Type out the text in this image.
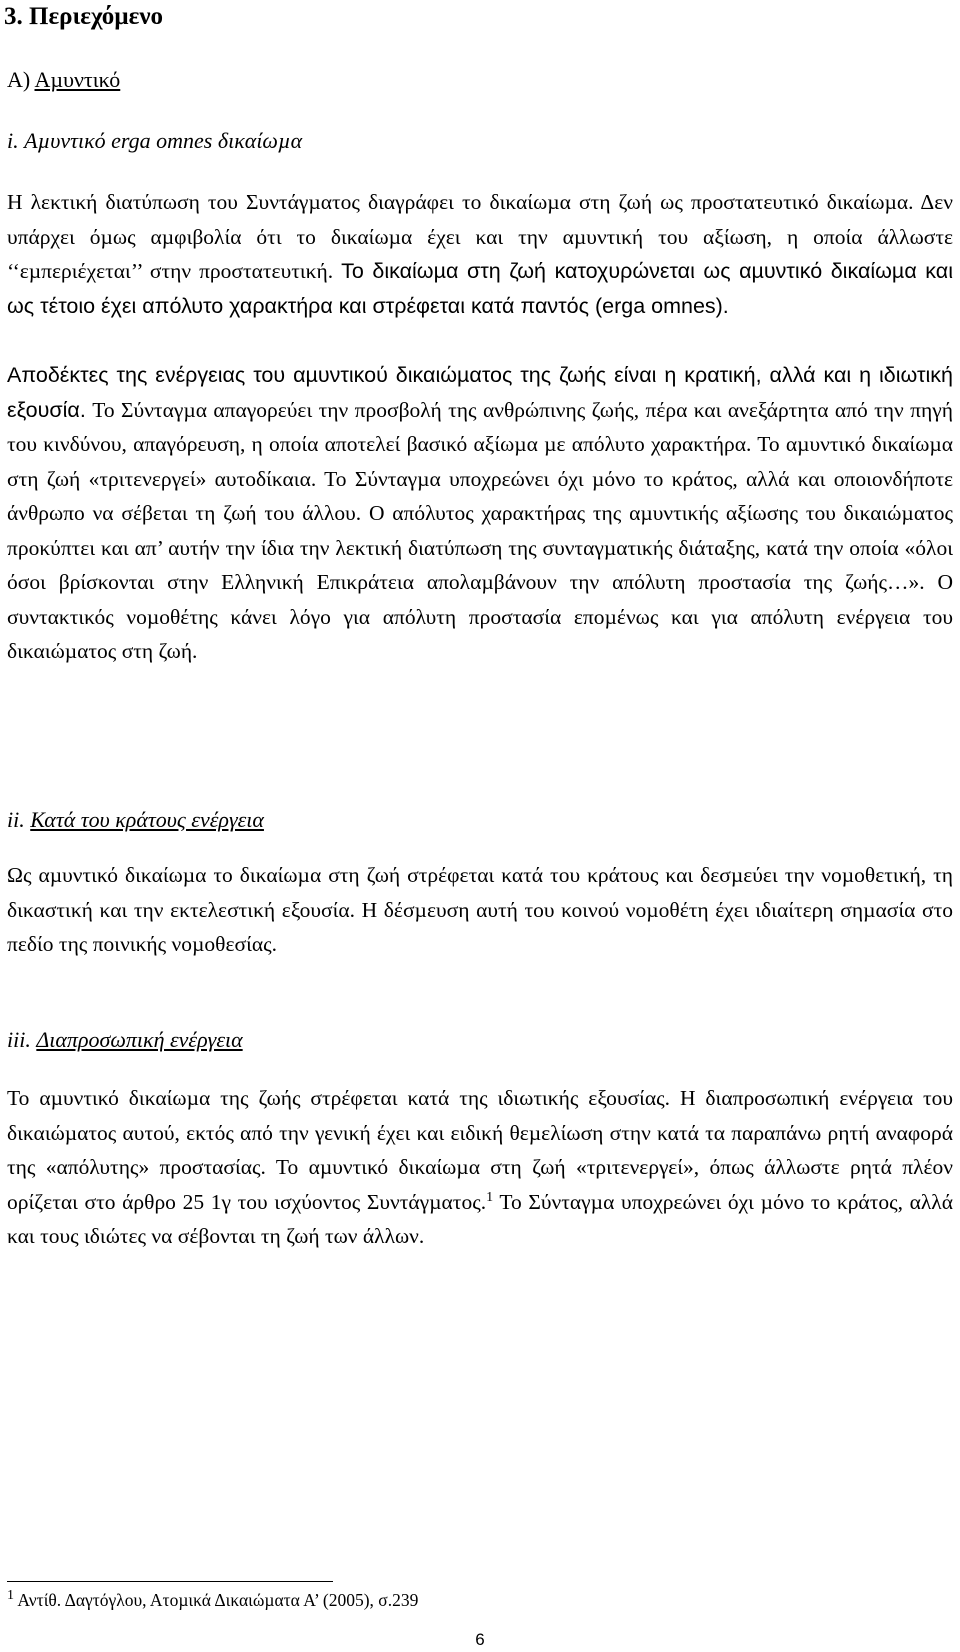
3. Περιεχόµενο

Α) Αµυντικό

i. Αµυντικό erga omnes δικαίωµα

Η λεκτική διατύπωση του Συντάγµατος διαγράφει το δικαίωµα στη ζωή ως προστατευτικό δικαίωµα. Δεν υπάρχει όµως αµφιβολία ότι το δικαίωµα έχει και την αµυντική του αξίωση, η οποία άλλωστε ‘‘εµπεριέχεται’’ στην προστατευτική. Το δικαίωµα στη ζωή κατοχυρώνεται ως αµυντικό δικαίωµα και ως τέτοιο έχει απόλυτο χαρακτήρα και στρέφεται κατά παντός (erga omnes).

Αποδέκτες της ενέργειας του αµυντικού δικαιώµατος της ζωής είναι η κρατική, αλλά και η ιδιωτική εξουσία. Το Σύνταγµα απαγορεύει την προσβολή της ανθρώπινης ζωής, πέρα και ανεξάρτητα από την πηγή του κινδύνου, απαγόρευση, η οποία αποτελεί βασικό αξίωµα µε απόλυτο χαρακτήρα. Το αµυντικό δικαίωµα στη ζωή «τριτενεργεί» αυτοδίκαια. Το Σύνταγµα υποχρεώνει όχι µόνο το κράτος, αλλά και οποιονδήποτε άνθρωπο να σέβεται τη ζωή του άλλου. Ο απόλυτος χαρακτήρας της αµυντικής αξίωσης του δικαιώµατος προκύπτει και απ’ αυτήν την ίδια την λεκτική διατύπωση της συνταγµατικής διάταξης, κατά την οποία «όλοι όσοι βρίσκονται στην Ελληνική Επικράτεια απολαµβάνουν την απόλυτη προστασία της ζωής…». Ο συντακτικός νοµοθέτης κάνει λόγο για απόλυτη προστασία εποµένως και για απόλυτη ενέργεια του δικαιώµατος στη ζωή.

ii. Κατά του κράτους ενέργεια

Ως αµυντικό δικαίωµα το δικαίωµα στη ζωή στρέφεται κατά του κράτους και δεσµεύει την νοµοθετική, τη δικαστική και την εκτελεστική εξουσία. Η δέσµευση αυτή του κοινού νοµοθέτη έχει ιδιαίτερη σηµασία στο πεδίο της ποινικής νοµοθεσίας.

iii. Διαπροσωπική ενέργεια

Το αµυντικό δικαίωµα της ζωής στρέφεται κατά της ιδιωτικής εξουσίας. Η διαπροσωπική ενέργεια του δικαιώµατος αυτού, εκτός από την γενική έχει και ειδική θεµελίωση στην κατά τα παραπάνω ρητή αναφορά της «απόλυτης» προστασίας. Το αµυντικό δικαίωµα στη ζωή «τριτενεργεί», όπως άλλωστε ρητά πλέον ορίζεται στο άρθρο 25 1γ του ισχύοντος Συντάγµατος.$^1$ Το Σύνταγµα υποχρεώνει όχι µόνο το κράτος, αλλά και τους ιδιώτες να σέβονται τη ζωή των άλλων.

$^1$ Αντίθ. Δαγτόγλου, Ατοµικά Δικαιώµατα Α’ (2005), σ.239

6
